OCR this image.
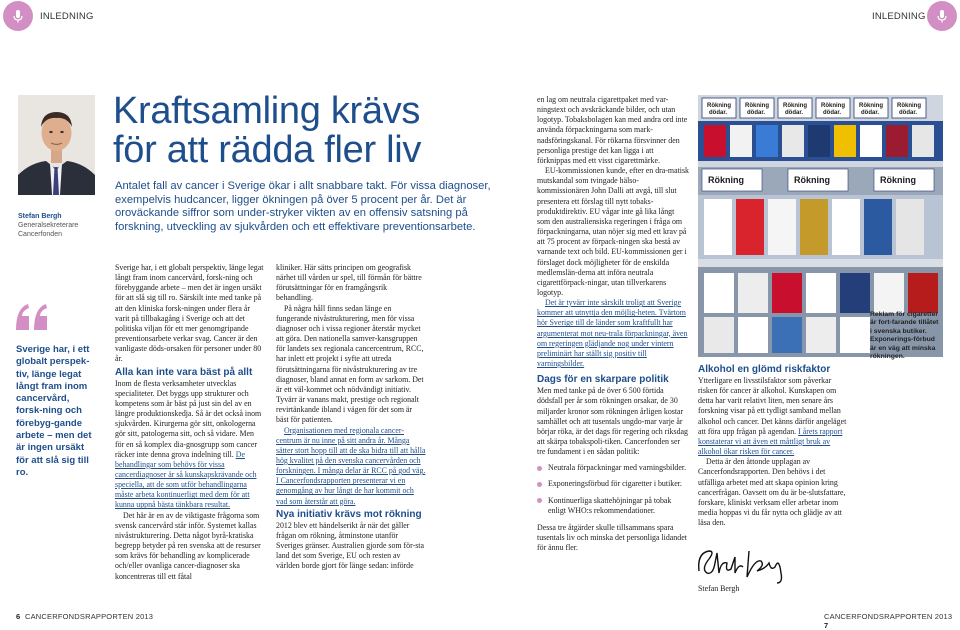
INLEDNING	INLEDNING
Stefan Bergh
Generalsekreterare
Cancerfonden
Sverige har, i ett globalt perspek-tiv, länge legat långt fram inom cancervård, forsk-ning och förebyg-gande arbete – men det är ingen ursäkt för att slå sig till ro.
Kraftsamling krävs
för att rädda fler liv
Antalet fall av cancer i Sverige ökar i allt snabbare takt. För vissa diagnoser, exempelvis hudcancer, ligger ökningen på över 5 procent per år. Det är oroväckande siffror som under-stryker vikten av en offensiv satsning på forskning, utveckling av sjukvården och ett effektivare preventionsarbete.

Sverige har, i ett globalt perspektiv, länge legat långt fram inom cancervård, forsk-ning och förebyggande arbete – men det är ingen ursäkt för att slå sig till ro. Särskilt inte med tanke på att den kliniska forsk-ningen under flera år varit på tillbakagång i Sverige och att det politiska viljan för ett mer genomgripande preventionsarbete verkar svag. Cancer är den vanligaste döds-orsaken för personer under 80 år.

Alla kan inte vara bäst på allt

Inom de flesta verksamheter utvecklas specialiteter. Det byggs upp strukturer och kompetens som är bäst på just sin del av en längre produktionskedja. Så är det också inom sjukvården. Kirurgerna gör sitt, onkologerna gör sitt, patologerna sitt, och så vidare. Men för en så komplex dia-gnosgrupp som cancer räcker inte denna grova indelning till. De behandlingar som behövs för vissa cancerdiagnoser är så kunskapskrävande och speciella, att de som utför behandlingarna måste arbeta kontinuerligt med dem för att kunna uppnå bästa tänkbara resultat.

Det här är en av de viktigaste frågorna som svensk cancervård står inför. Systemet kallas nivåstrukturering. Detta något byrå-kratiska begrepp betyder på ren svenska att de resurser som krävs för behandling av komplicerade och/eller ovanliga cancer-diagnoser ska koncentreras till ett fåtal

kliniker. Här sätts principen om geografisk närhet till vården ur spel, till förmån för bättre förutsättningar för en framgångsrik behandling.

På några håll finns sedan länge en fungerande nivåstrukturering, men för vissa diagnoser och i vissa regioner återstår mycket att göra. Den nationella samver-kansgruppen för landets sex regionala cancercentrum, RCC, har inlett ett projekt i syfte att utreda förutsättningarna för nivåstrukturering av tre diagnoser, bland annat en form av sarkom. Det är ett väl-kommet och nödvändigt initiativ. Tyvärr är vanans makt, prestige och regionalt revirtänkande ibland i vägen för det som är bäst för patienten.

Organisationen med regionala cancer-centrum är nu inne på sitt andra år. Många sätter stort hopp till att de ska bidra till att hålla hög kvalitet på den svenska cancervården och forskningen. I många delar är RCC på god väg. I Cancerfondsrapporten presenterar vi en genomgång av hur långt de har kommit och vad som återstår att göra.

Nya initiativ krävs mot rökning

2012 blev ett händelserikt år när det gäller frågan om rökning, åtminstone utanför Sveriges gränser. Australien gjorde som för-sta land det som Sverige, EU och resten av världen borde gjort för länge sedan: införde

en lag om neutrala cigarettpaket med var-ningstext och avskräckande bilder, och utan logotyp. Tobaksbolagen kan med andra ord inte använda förpackningarna som mark-nadsföringskanal. För rökarna försvinner den personliga prestige det kan ligga i att förknippas med ett visst cigarettmärke.

EU-kommissionen kunde, efter en dra-matisk mutskandal som tvingade hälso-kommissionären John Dalli att avgå, till slut presentera ett förslag till nytt tobaks-produktdirektiv. EU vågar inte gå lika långt som den australiensiska regeringen i fråga om förpackningarna, utan nöjer sig med ett krav på att 75 procent av förpack-ningen ska bestå av varnande text och bild. EU-kommissionen ger i förslaget dock möjligheter för de enskilda medlemslän-derna att införa neutrala cigarettförpack-ningar, utan tillverkarens logotyp.

Det är tyvärr inte särskilt troligt att Sverige kommer att utnyttja den möjlig-heten. Tvärtom hör Sverige till de länder som kraftfullt har argumenterat mot neu-trala förpackningar, även om regeringen glädjande nog under vintern preliminärt har ställt sig positiv till varningsbilder.

Dags för en skarpare politik

Men med tanke på de över 6 500 förtida dödsfall per år som rökningen orsakar, de 30 miljarder kronor som rökningen årligen kostar samhället och att tusentals ungdo-mar varje år börjar röka, är det dags för regering och riksdag att skärpa tobakspoli-tiken. Cancerfonden ser tre fundament i en sådan politik:

Neutrala förpackningar med varningsbilder.
Exponeringsförbud för cigaretter i butiker.
Kontinuerliga skattehöjningar på tobak enligt WHO:s rekommendationer.

Dessa tre åtgärder skulle tillsammans spara tusentals liv och minska det personliga lidandet för ännu fler.

Rökning
dödar.
Rökning
dödar.
Rökning
dödar.
Rökning
dödar.
Rökning
dödar.
Rökning
dödar.
Rökning	Rökning	Rökning
Reklam för cigaretter är fort-farande tillåtet i svenska butiker. Exponerings-förbud är en väg att minska rökningen.
Alkohol en glömd riskfaktor

Ytterligare en livsstilsfaktor som påverkar risken för cancer är alkohol. Kunskapen om detta har varit relativt liten, men senare års forskning visar på ett tydligt samband mellan alkohol och cancer. Det känns därför angeläget att föra upp frågan på agendan. I årets rapport konstaterar vi att även ett måttligt bruk av alkohol ökar risken för cancer.

Detta är den åttonde upplagan av Cancerfondsrapporten. Den behövs i det utfälliga arbetet med att skapa opinion kring cancerfrågan. Oavsett om du är be-slutsfattare, forskare, kliniskt verksam eller arbetar inom media hoppas vi du får nytta och glädje av att läsa den.

Stefan Bergh
6 CANCERFONDSRAPPORTEN 2013	CANCERFONDSRAPPORTEN 2013  7
